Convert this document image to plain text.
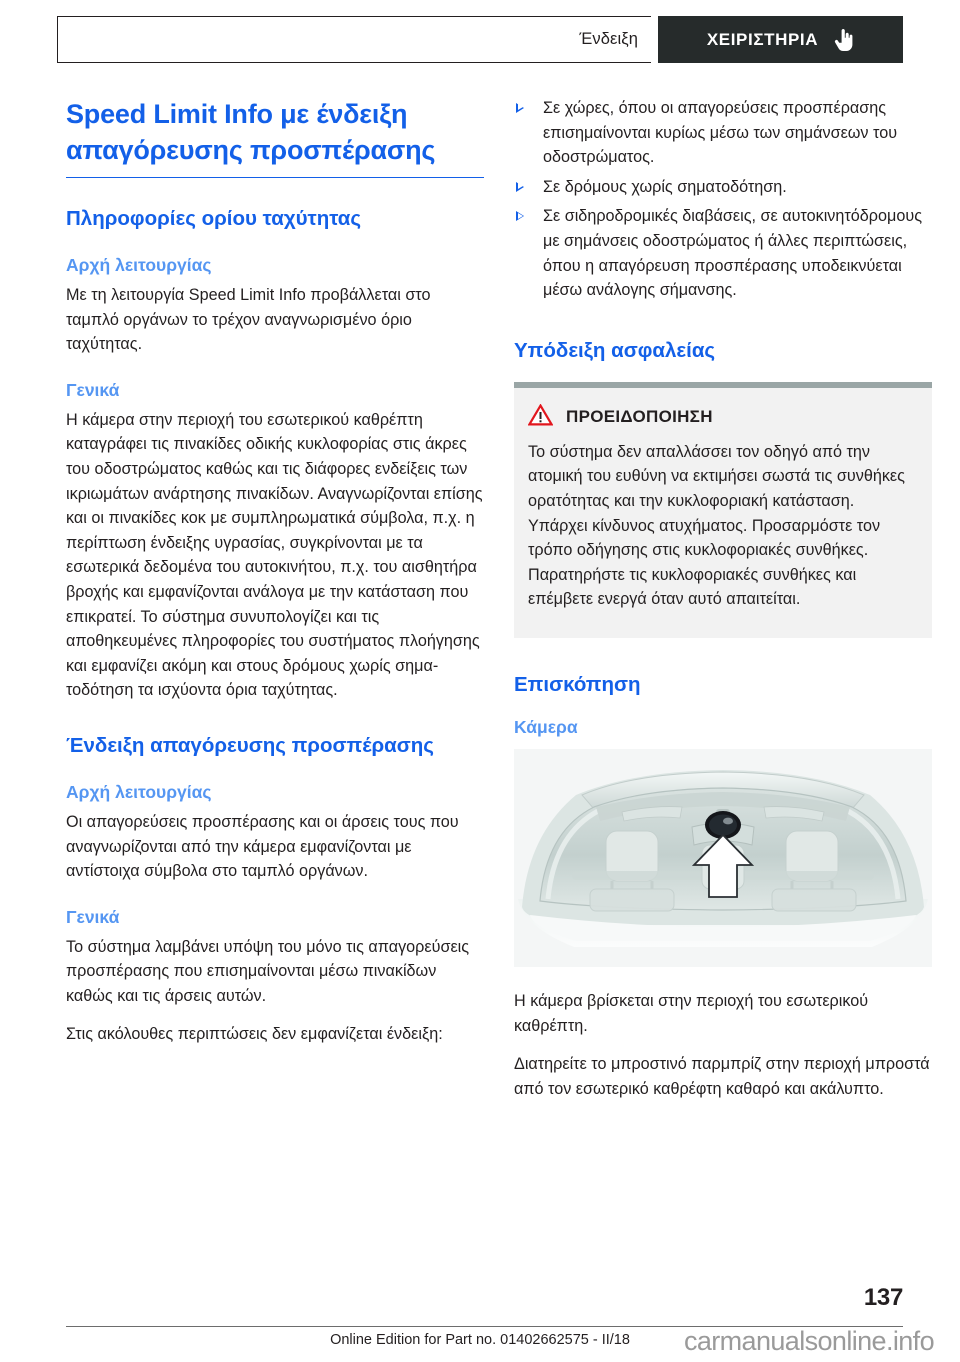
Ένδειξη	ΧΕΙΡΙΣΤΗΡΙΑ
Speed Limit Info με ένδειξη απαγόρευσης προσπέρασης
Πληροφορίες ορίου ταχύτητας
Αρχή λειτουργίας

Με τη λειτουργία Speed Limit Info προβάλλεται στο ταμπλό οργάνων το τρέχον αναγνωρισμένο όριο ταχύτητας.

Γενικά

Η κάμερα στην περιοχή του εσωτερικού καθρέπτη καταγράφει τις πινακίδες οδικής κυκλοφορίας στις άκρες του οδοστρώματος καθώς και τις διάφορες ενδείξεις των ικριωμάτων ανάρτησης πινακίδων. Αναγνωρίζονται επίσης και οι πινακίδες κοκ με συμπληρωματικά σύμβολα, π.χ. η περίπτωση ένδειξης υγρασίας, συγκρίνονται με τα εσωτερικά δεδομένα του αυτοκινήτου, π.χ. του αισθητήρα βροχής και εμφανίζονται ανάλογα με την κατάσταση που επικρατεί. Το σύστημα συνυπολογίζει και τις αποθηκευμένες πληροφορίες του συστήματος πλοήγησης και εμφανίζει ακόμη και στους δρόμους χωρίς σηματοδότηση τα ισχύοντα όρια ταχύτητας.

Ένδειξη απαγόρευσης προσπέρασης
Αρχή λειτουργίας

Οι απαγορεύσεις προσπέρασης και οι άρσεις τους που αναγνωρίζονται από την κάμερα εμφανίζονται με αντίστοιχα σύμβολα στο ταμπλό οργάνων.

Γενικά

Το σύστημα λαμβάνει υπόψη του μόνο τις απαγορεύσεις προσπέρασης που επισημαίνονται μέσω πινακίδων καθώς και τις άρσεις αυτών.

Στις ακόλουθες περιπτώσεις δεν εμφανίζεται ένδειξη:

Σε χώρες, όπου οι απαγορεύσεις προσπέρασης επισημαίνονται κυρίως μέσω των σημάνσεων του οδοστρώματος.
Σε δρόμους χωρίς σηματοδότηση.
Σε σιδηροδρομικές διαβάσεις, σε αυτοκινητόδρομους με σημάνσεις οδοστρώματος ή άλλες περιπτώσεις, όπου η απαγόρευση προσπέρασης υποδεικνύεται μέσω ανάλογης σήμανσης.
Υπόδειξη ασφαλείας
ΠΡΟΕΙΔΟΠΟΙΗΣΗ

Το σύστημα δεν απαλλάσσει τον οδηγό από την ατομική του ευθύνη να εκτιμήσει σωστά τις συνθήκες ορατότητας και την κυκλοφοριακή κατάσταση. Υπάρχει κίνδυνος ατυχήματος. Προσαρμόστε τον τρόπο οδήγησης στις κυκλοφοριακές συνθήκες. Παρατηρήστε τις κυκλοφοριακές συνθήκες και επέμβετε ενεργά όταν αυτό απαιτείται.

Επισκόπηση
Κάμερα

Η κάμερα βρίσκεται στην περιοχή του εσωτερικού καθρέπτη.

Διατηρείτε το μπροστινό παρμπρίζ στην περιοχή μπροστά από τον εσωτερικό καθρέφτη καθαρό και ακάλυπτο.

137
Online Edition for Part no. 01402662575 - II/18	carmanualsonline.info
